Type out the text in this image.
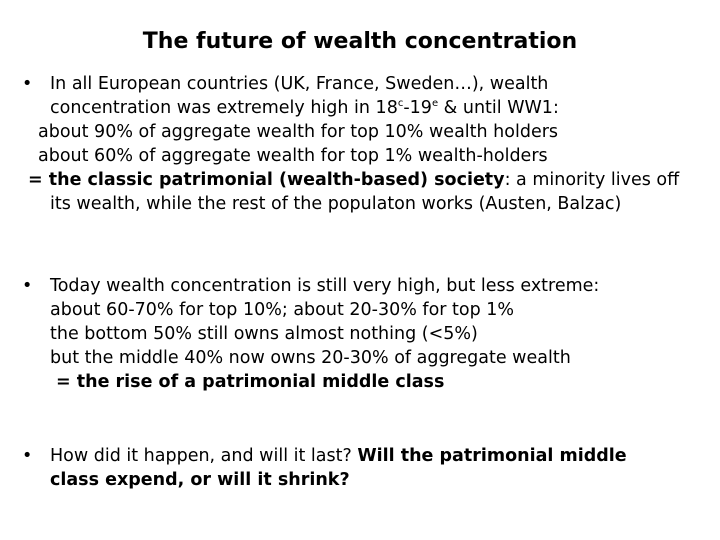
The future of wealth concentration
• In all European countries (UK, France, Sweden…), wealth
concentration was extremely high in 18$^c$-19e & until WW1:
about 90% of aggregate wealth for top 10% wealth holders
about 60% of aggregate wealth for top 1% wealth-holders
= the classic patrimonial (wealth-based) society: a minority lives off
its wealth, while the rest of the populaton works (Austen, Balzac)
• Today wealth concentration is still very high, but less extreme:
about 60-70% for top 10%; about 20-30% for top 1%
the bottom 50% still owns almost nothing (<5%)
but the middle 40% now owns 20-30% of aggregate wealth
= the rise of a patrimonial middle class
• How did it happen, and will it last? Will the patrimonial middle
class expend, or will it shrink?
